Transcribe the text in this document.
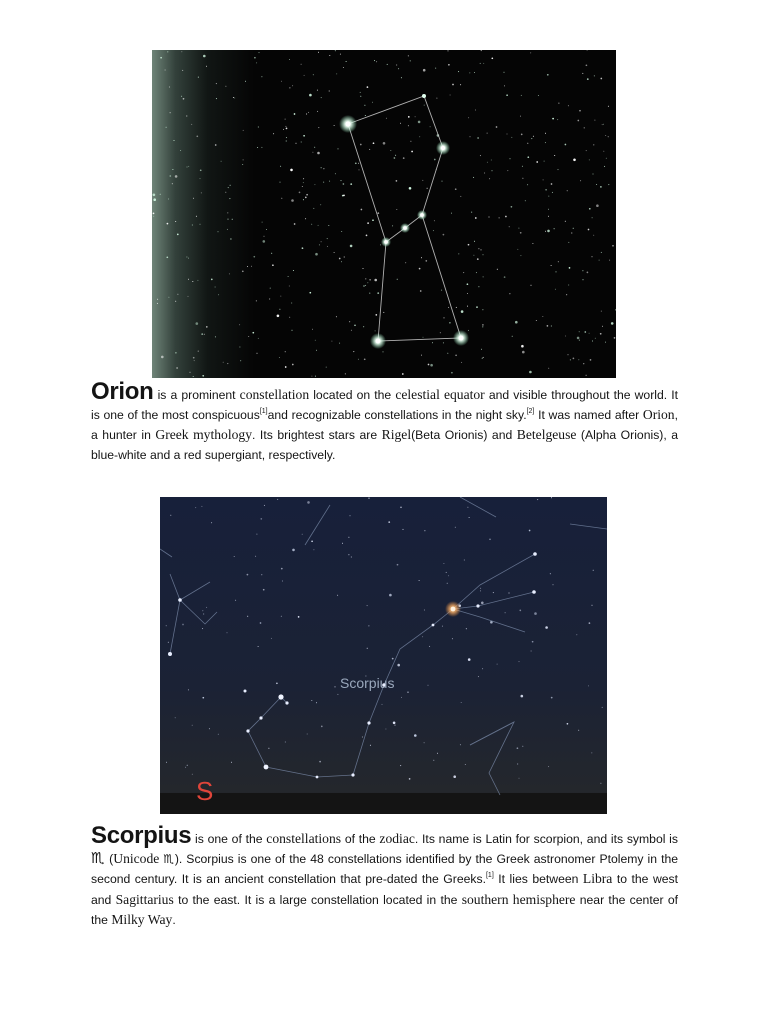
Orion is a prominent constellation located on the celestial equator and visible throughout the world. It is one of the most conspicuous[1]and recognizable constellations in the night sky.[2] It was named after Orion, a hunter in Greek mythology. Its brightest stars are Rigel(Beta Orionis) and Betelgeuse (Alpha Orionis), a blue-white and a red supergiant, respectively.

Scorpius
S

Scorpius is one of the constellations of the zodiac. Its name is Latin for scorpion, and its symbol is ♏ (Unicode ♏). Scorpius is one of the 48 constellations identified by the Greek astronomer Ptolemy in the second century. It is an ancient constellation that pre-dated the Greeks.[1] It lies between Libra to the west and Sagittarius to the east. It is a large constellation located in the southern hemisphere near the center of the Milky Way.
